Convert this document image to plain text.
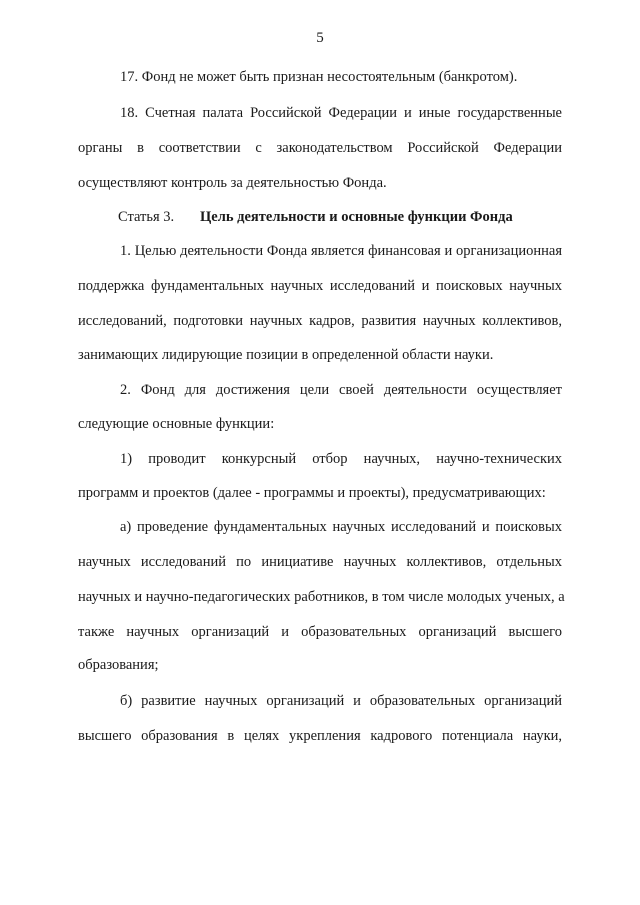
5
17. Фонд не может быть признан несостоятельным (банкротом).
18. Счетная палата Российской Федерации и иные государственные
органы в соответствии с законодательством Российской Федерации
осуществляют контроль за деятельностью Фонда.
Статья 3. Цель деятельности и основные функции Фонда
1. Целью деятельности Фонда является финансовая и организационная
поддержка фундаментальных научных исследований и поисковых научных
исследований, подготовки научных кадров, развития научных коллективов,
занимающих лидирующие позиции в определенной области науки.
2. Фонд для достижения цели своей деятельности осуществляет
следующие основные функции:
1) проводит конкурсный отбор научных, научно-технических
программ и проектов (далее - программы и проекты), предусматривающих:
а) проведение фундаментальных научных исследований и поисковых
научных исследований по инициативе научных коллективов, отдельных
научных и научно-педагогических работников, в том числе молодых ученых, а
также научных организаций и образовательных организаций высшего
образования;
б) развитие научных организаций и образовательных организаций
высшего образования в целях укрепления кадрового потенциала науки,
